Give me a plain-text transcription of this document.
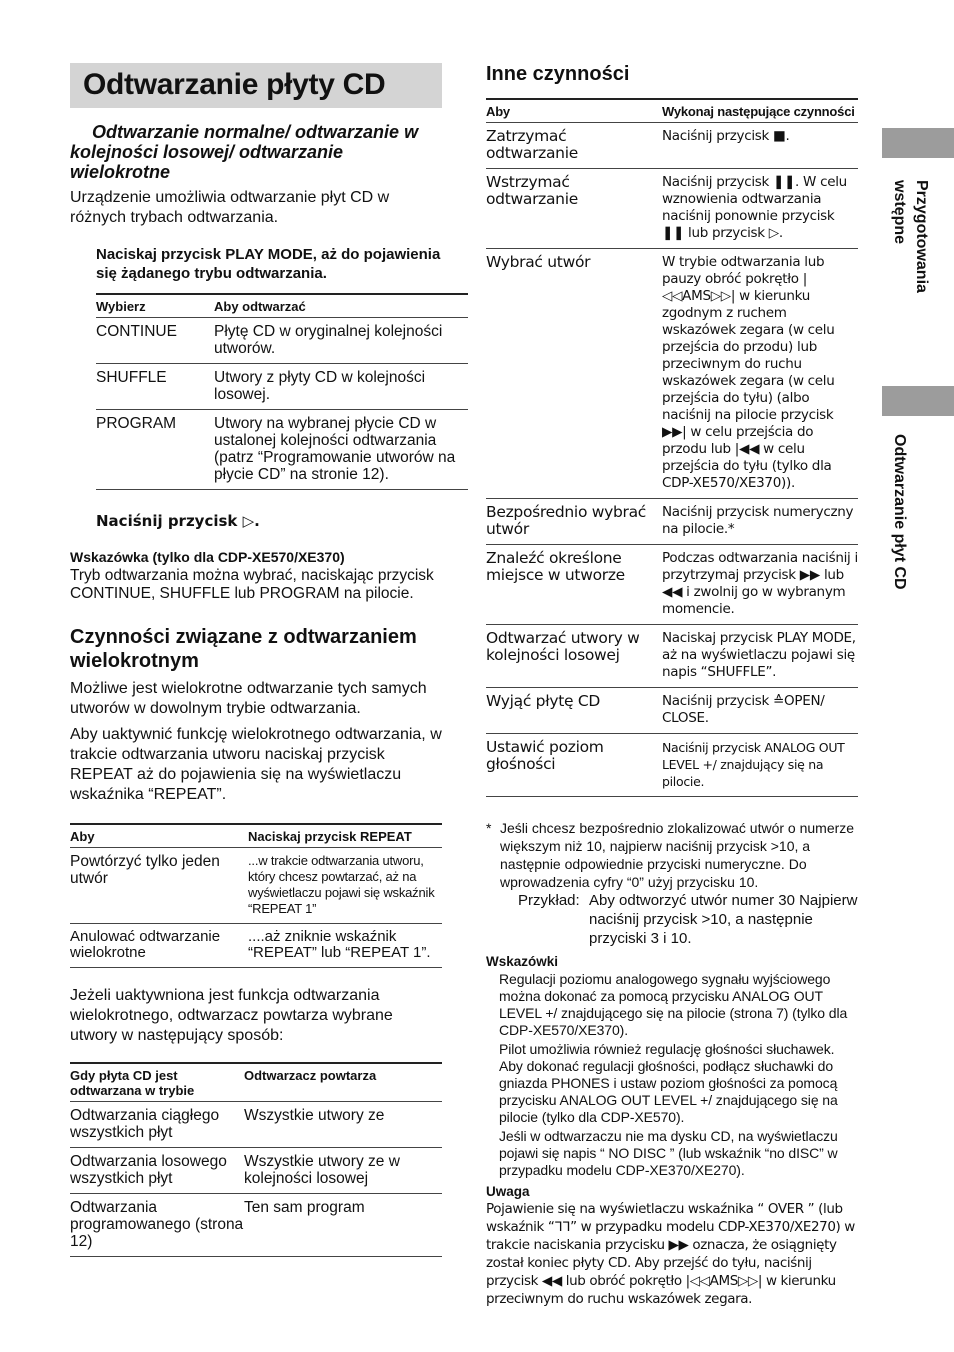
Odtwarzanie płyty CD

Odtwarzanie normalne/ odtwarzanie w kolejności losowej/ odtwarzanie wielokrotne

Urządzenie umożliwia odtwarzanie płyt CD w różnych trybach odtwarzania.

Naciskaj przycisk PLAY MODE, aż do pojawienia się żądanego trybu odtwarzania.

Wybierz	Aby odtwarzać
CONTINUE	Płytę CD w oryginalnej kolejności utworów.
SHUFFLE	Utwory z płyty CD w kolejności losowej.
PROGRAM	Utwory na wybranej płycie CD w ustalonej kolejności odtwarzania (patrz “Programowanie utworów na płycie CD” na stronie 12).

Naciśnij przycisk ▷.

Wskazówka (tylko dla CDP-XE570/XE370)

Tryb odtwarzania można wybrać, naciskając przycisk CONTINUE, SHUFFLE lub PROGRAM na pilocie.

Czynności związane z odtwarzaniem wielokrotnym

Możliwe jest wielokrotne odtwarzanie tych samych utworów w dowolnym trybie odtwarzania.

Aby uaktywnić funkcję wielokrotnego odtwarzania, w trakcie odtwarzania utworu naciskaj przycisk REPEAT aż do pojawienia się na wyświetlaczu wskaźnika “REPEAT”.

Aby	Naciskaj przycisk REPEAT
Powtórzyć tylko jeden utwór	...w trakcie odtwarzania utworu, który chcesz powtarzać, aż na wyświetlaczu pojawi się wskaźnik “REPEAT 1”
Anulować odtwarzanie wielokrotne	....aż zniknie wskaźnik “REPEAT” lub “REPEAT 1”.

Jeżeli uaktywniona jest funkcja odtwarzania wielokrotnego, odtwarzacz powtarza wybrane utwory w następujący sposób:

Gdy płyta CD jest odtwarzana w trybie	Odtwarzacz powtarza
Odtwarzania ciągłego wszystkich płyt	Wszystkie utwory ze
Odtwarzania losowego wszystkich płyt	Wszystkie utwory ze w kolejności losowej
Odtwarzania programowanego (strona 12)	Ten sam program

Inne czynności

Aby	Wykonaj następujące czynności
Zatrzymać odtwarzanie	Naciśnij przycisk ■.
Wstrzymać odtwarzanie	Naciśnij przycisk ❚❚. W celu wznowienia odtwarzania naciśnij ponownie przycisk ❚❚ lub przycisk ▷.
Wybrać utwór	W trybie odtwarzania lub pauzy obróć pokrętło |◁◁AMS▷▷| w kierunku zgodnym z ruchem wskazówek zegara (w celu przejścia do przodu) lub przeciwnym do ruchu wskazówek zegara (w celu przejścia do tyłu) (albo naciśnij na pilocie przycisk ▶▶| w celu przejścia do przodu lub |◀◀ w celu przejścia do tyłu (tylko dla CDP-XE570/XE370)).
Bezpośrednio wybrać utwór	Naciśnij przycisk numeryczny na pilocie.*
Znaleźć określone miejsce w utworze	Podczas odtwarzania naciśnij i przytrzymaj przycisk ▶▶ lub ◀◀ i zwolnij go w wybranym momencie.
Odtwarzać utwory w kolejności losowej	Naciskaj przycisk PLAY MODE, aż na wyświetlaczu pojawi się napis “SHUFFLE”.
Wyjąć płytę CD	Naciśnij przycisk ≙OPEN/ CLOSE.
Ustawić poziom głośności	Naciśnij przycisk ANALOG OUT LEVEL +/ znajdujący się na pilocie.
* Jeśli chcesz bezpośrednio zlokalizować utwór o numerze większym niż 10, najpierw naciśnij przycisk >10, a następnie odpowiednie przyciski numeryczne. Do wprowadzenia cyfry “0” użyj przycisku 10.
Przykład: Aby odtworzyć utwór numer 30 Najpierw naciśnij przycisk >10, a następnie przyciski 3 i 10.

Wskazówki

Regulacji poziomu analogowego sygnału wyjściowego można dokonać za pomocą przycisku ANALOG OUT LEVEL +/ znajdującego się na pilocie (strona 7) (tylko dla CDP-XE570/XE370).

Pilot umożliwia również regulację głośności słuchawek. Aby dokonać regulacji głośności, podłącz słuchawki do gniazda PHONES i ustaw poziom głośności za pomocą przycisku ANALOG OUT LEVEL +/ znajdującego się na pilocie (tylko dla CDP-XE570).

Jeśli w odtwarzaczu nie ma dysku CD, na wyświetlaczu pojawi się napis “ NO DISC ” (lub wskaźnik “no dISC” w przypadku modelu CDP-XE370/XE270).

Uwaga

Pojawienie się na wyświetlaczu wskaźnika “ OVER ” (lub wskaźnik “ᒣᒣ” w przypadku modelu CDP-XE370/XE270) w trakcie naciskania przycisku ▶▶ oznacza, że osiągnięty został koniec płyty CD. Aby przejść do tyłu, naciśnij przycisk ◀◀ lub obróć pokrętło |◁◁AMS▷▷| w kierunku przeciwnym do ruchu wskazówek zegara.

Przygotowania
wstępne
Odtwarzanie płyt CD
